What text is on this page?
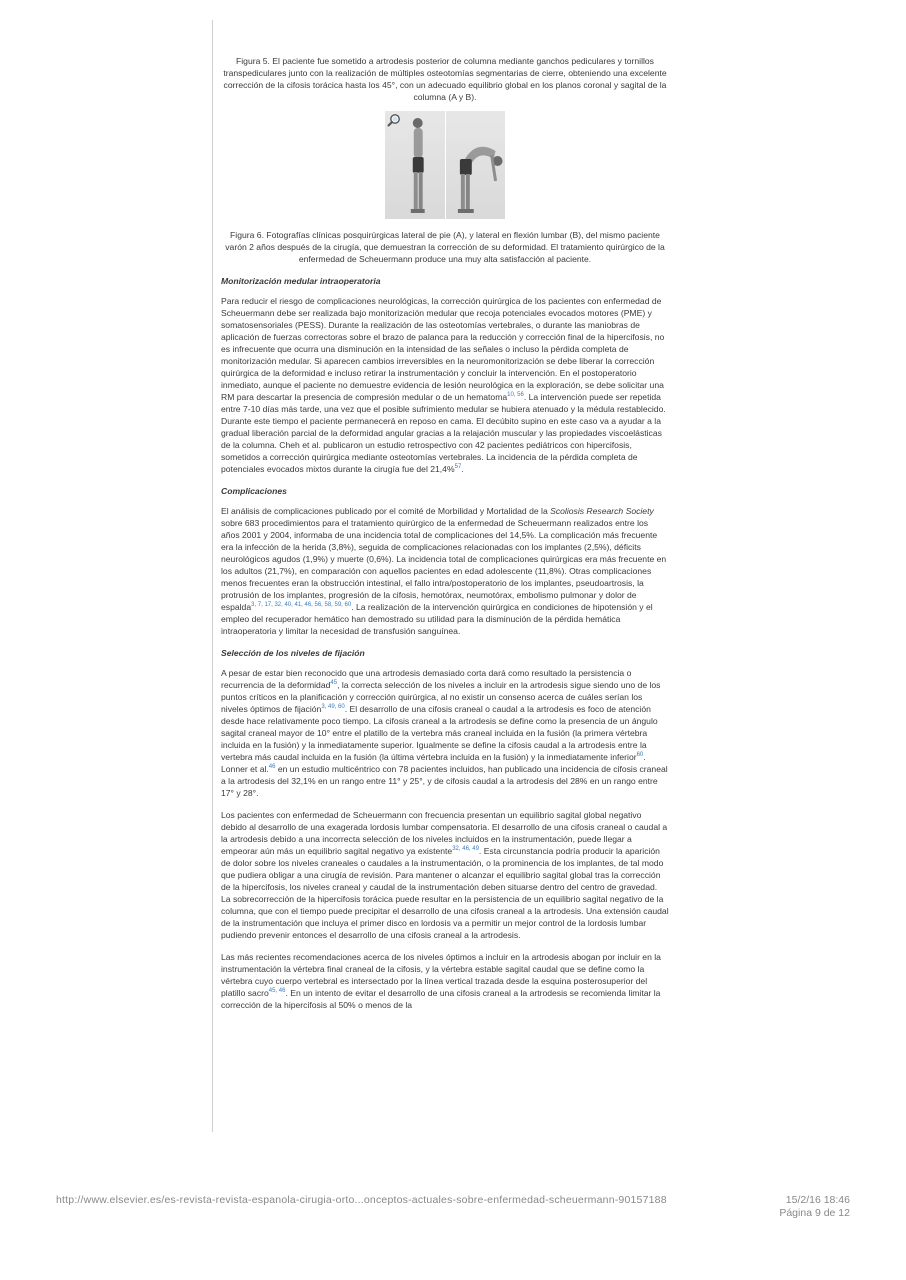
Figura 5. El paciente fue sometido a artrodesis posterior de columna mediante ganchos pediculares y tornillos transpediculares junto con la realización de múltiples osteotomías segmentarias de cierre, obteniendo una excelente corrección de la cifosis torácica hasta los 45°, con un adecuado equilibrio global en los planos coronal y sagital de la columna (A y B).

Figura 6. Fotografías clínicas posquirúrgicas lateral de pie (A), y lateral en flexión lumbar (B), del mismo paciente varón 2 años después de la cirugía, que demuestran la corrección de su deformidad. El tratamiento quirúrgico de la enfermedad de Scheuermann produce una muy alta satisfacción al paciente.

Monitorización medular intraoperatoria

Para reducir el riesgo de complicaciones neurológicas, la corrección quirúrgica de los pacientes con enfermedad de Scheuermann debe ser realizada bajo monitorización medular que recoja potenciales evocados motores (PME) y somatosensoriales (PESS). Durante la realización de las osteotomías vertebrales, o durante las maniobras de aplicación de fuerzas correctoras sobre el brazo de palanca para la reducción y corrección final de la hipercifosis, no es infrecuente que ocurra una disminución en la intensidad de las señales o incluso la pérdida completa de monitorización medular. Si aparecen cambios irreversibles en la neuromonitorización se debe liberar la corrección quirúrgica de la deformidad e incluso retirar la instrumentación y concluir la intervención. En el postoperatorio inmediato, aunque el paciente no demuestre evidencia de lesión neurológica en la exploración, se debe solicitar una RM para descartar la presencia de compresión medular o de un hematoma$^{10, 56}$. La intervención puede ser repetida entre 7-10 días más tarde, una vez que el posible sufrimiento medular se hubiera atenuado y la médula restablecido. Durante este tiempo el paciente permanecerá en reposo en cama. El decúbito supino en este caso va a ayudar a la gradual liberación parcial de la deformidad angular gracias a la relajación muscular y las propiedades viscoelásticas de la columna. Cheh et al. publicaron un estudio retrospectivo con 42 pacientes pediátricos con hipercifosis, sometidos a corrección quirúrgica mediante osteotomías vertebrales. La incidencia de la pérdida completa de potenciales evocados mixtos durante la cirugía fue del 21,4%$^{57}$.

Complicaciones

El análisis de complicaciones publicado por el comité de Morbilidad y Mortalidad de la Scoliosis Research Society sobre 683 procedimientos para el tratamiento quirúrgico de la enfermedad de Scheuermann realizados entre los años 2001 y 2004, informaba de una incidencia total de complicaciones del 14,5%. La complicación más frecuente era la infección de la herida (3,8%), seguida de complicaciones relacionadas con los implantes (2,5%), déficits neurológicos agudos (1,9%) y muerte (0,6%). La incidencia total de complicaciones quirúrgicas era más frecuente en los adultos (21,7%), en comparación con aquellos pacientes en edad adolescente (11,8%). Otras complicaciones menos frecuentes eran la obstrucción intestinal, el fallo intra/postoperatorio de los implantes, pseudoartrosis, la protrusión de los implantes, progresión de la cifosis, hemotórax, neumotórax, embolismo pulmonar y dolor de espalda$^{3, 7, 17, 32, 40, 41, 46, 56, 58, 59, 60}$. La realización de la intervención quirúrgica en condiciones de hipotensión y el empleo del recuperador hemático han demostrado su utilidad para la disminución de la pérdida hemática intraoperatoria y limitar la necesidad de transfusión sanguínea.

Selección de los niveles de fijación

A pesar de estar bien reconocido que una artrodesis demasiado corta dará como resultado la persistencia o recurrencia de la deformidad$^{45}$, la correcta selección de los niveles a incluir en la artrodesis sigue siendo uno de los puntos críticos en la planificación y corrección quirúrgica, al no existir un consenso acerca de cuáles serían los niveles óptimos de fijación$^{3, 49, 60}$. El desarrollo de una cifosis craneal o caudal a la artrodesis es foco de atención desde hace relativamente poco tiempo. La cifosis craneal a la artrodesis se define como la presencia de un ángulo sagital craneal mayor de 10° entre el platillo de la vertebra más craneal incluida en la fusión (la primera vértebra incluida en la fusión) y la inmediatamente superior. Igualmente se define la cifosis caudal a la artrodesis entre la vertebra más caudal incluida en la fusión (la última vértebra incluida en la fusión) y la inmediatamente inferior$^{60}$. Lonner et al.$^{46}$ en un estudio multicéntrico con 78 pacientes incluidos, han publicado una incidencia de cifosis craneal a la artrodesis del 32,1% en un rango entre 11° y 25°, y de cifosis caudal a la artrodesis del 28% en un rango entre 17° y 28°.

Los pacientes con enfermedad de Scheuermann con frecuencia presentan un equilibrio sagital global negativo debido al desarrollo de una exagerada lordosis lumbar compensatoria. El desarrollo de una cifosis craneal o caudal a la artrodesis debido a una incorrecta selección de los niveles incluidos en la instrumentación, puede llegar a empeorar aún más un equilibrio sagital negativo ya existente$^{32, 46, 49}$. Esta circunstancia podría producir la aparición de dolor sobre los niveles craneales o caudales a la instrumentación, o la prominencia de los implantes, de tal modo que pudiera obligar a una cirugía de revisión. Para mantener o alcanzar el equilibrio sagital global tras la corrección de la hipercifosis, los niveles craneal y caudal de la instrumentación deben situarse dentro del centro de gravedad. La sobrecorrección de la hipercifosis torácica puede resultar en la persistencia de un equilibrio sagital negativo de la columna, que con el tiempo puede precipitar el desarrollo de una cifosis craneal a la artrodesis. Una extensión caudal de la instrumentación que incluya el primer disco en lordosis va a permitir un mejor control de la lordosis lumbar pudiendo prevenir entonces el desarrollo de una cifosis craneal a la artrodesis.

Las más recientes recomendaciones acerca de los niveles óptimos a incluir en la artrodesis abogan por incluir en la instrumentación la vértebra final craneal de la cifosis, y la vértebra estable sagital caudal que se define como la vértebra cuyo cuerpo vertebral es intersectado por la línea vertical trazada desde la esquina posterosuperior del platillo sacro$^{45, 46}$. En un intento de evitar el desarrollo de una cifosis craneal a la artrodesis se recomienda limitar la corrección de la hipercifosis al 50% o menos de la

http://www.elsevier.es/es-revista-revista-espanola-cirugia-orto...onceptos-actuales-sobre-enfermedad-scheuermann-90157188	15/2/16 18:46
Página 9 de 12
